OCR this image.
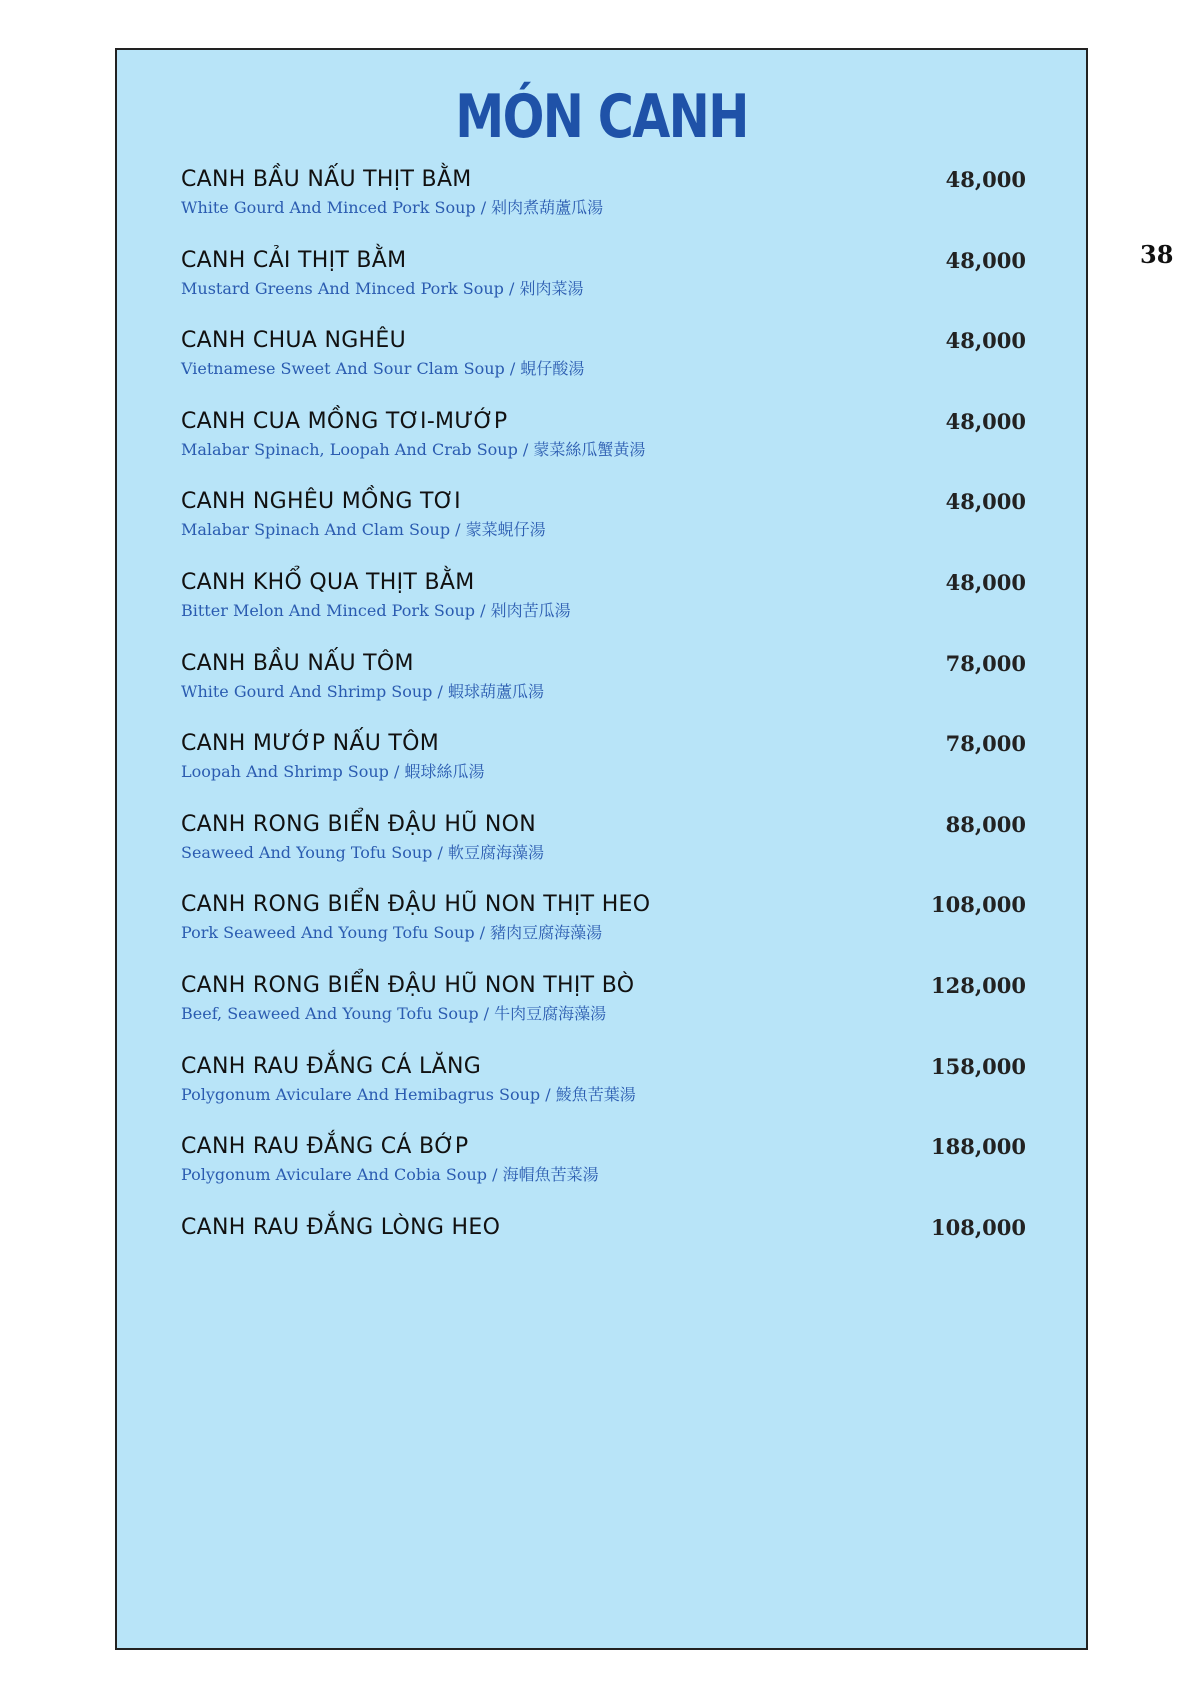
38
MÓN CANH
CANH BẦU NẤU THỊT BẰM
White Gourd And Minced Pork Soup / 剁肉煮葫蘆瓜湯
48,000
CANH CẢI THỊT BẰM
Mustard Greens And Minced Pork Soup / 剁肉菜湯
48,000
CANH CHUA NGHÊU
Vietnamese Sweet And Sour Clam Soup / 蜆仔酸湯
48,000
CANH CUA MỒNG TƠI-MƯỚP
Malabar Spinach, Loopah And Crab Soup / 蒙菜絲瓜蟹黃湯
48,000
CANH NGHÊU MỒNG TƠI
Malabar Spinach And Clam Soup / 蒙菜蜆仔湯
48,000
CANH KHỔ QUA THỊT BẰM
Bitter Melon And Minced Pork Soup / 剁肉苦瓜湯
48,000
CANH BẦU NẤU TÔM
White Gourd And Shrimp Soup / 蝦球葫蘆瓜湯
78,000
CANH MƯỚP NẤU TÔM
Loopah And Shrimp Soup / 蝦球絲瓜湯
78,000
CANH RONG BIỂN ĐẬU HŨ NON
Seaweed And Young Tofu Soup / 軟豆腐海藻湯
88,000
CANH RONG BIỂN ĐẬU HŨ NON THỊT HEO
Pork Seaweed And Young Tofu Soup / 豬肉豆腐海藻湯
108,000
CANH RONG BIỂN ĐẬU HŨ NON THỊT BÒ
Beef, Seaweed And Young Tofu Soup / 牛肉豆腐海藻湯
128,000
CANH RAU ĐẮNG CÁ LĂNG
Polygonum Aviculare And Hemibagrus Soup / 鯪魚苦葉湯
158,000
CANH RAU ĐẮNG CÁ BỚP
Polygonum Aviculare And Cobia Soup / 海帽魚苦菜湯
188,000
CANH RAU ĐẮNG LÒNG HEO	108,000
